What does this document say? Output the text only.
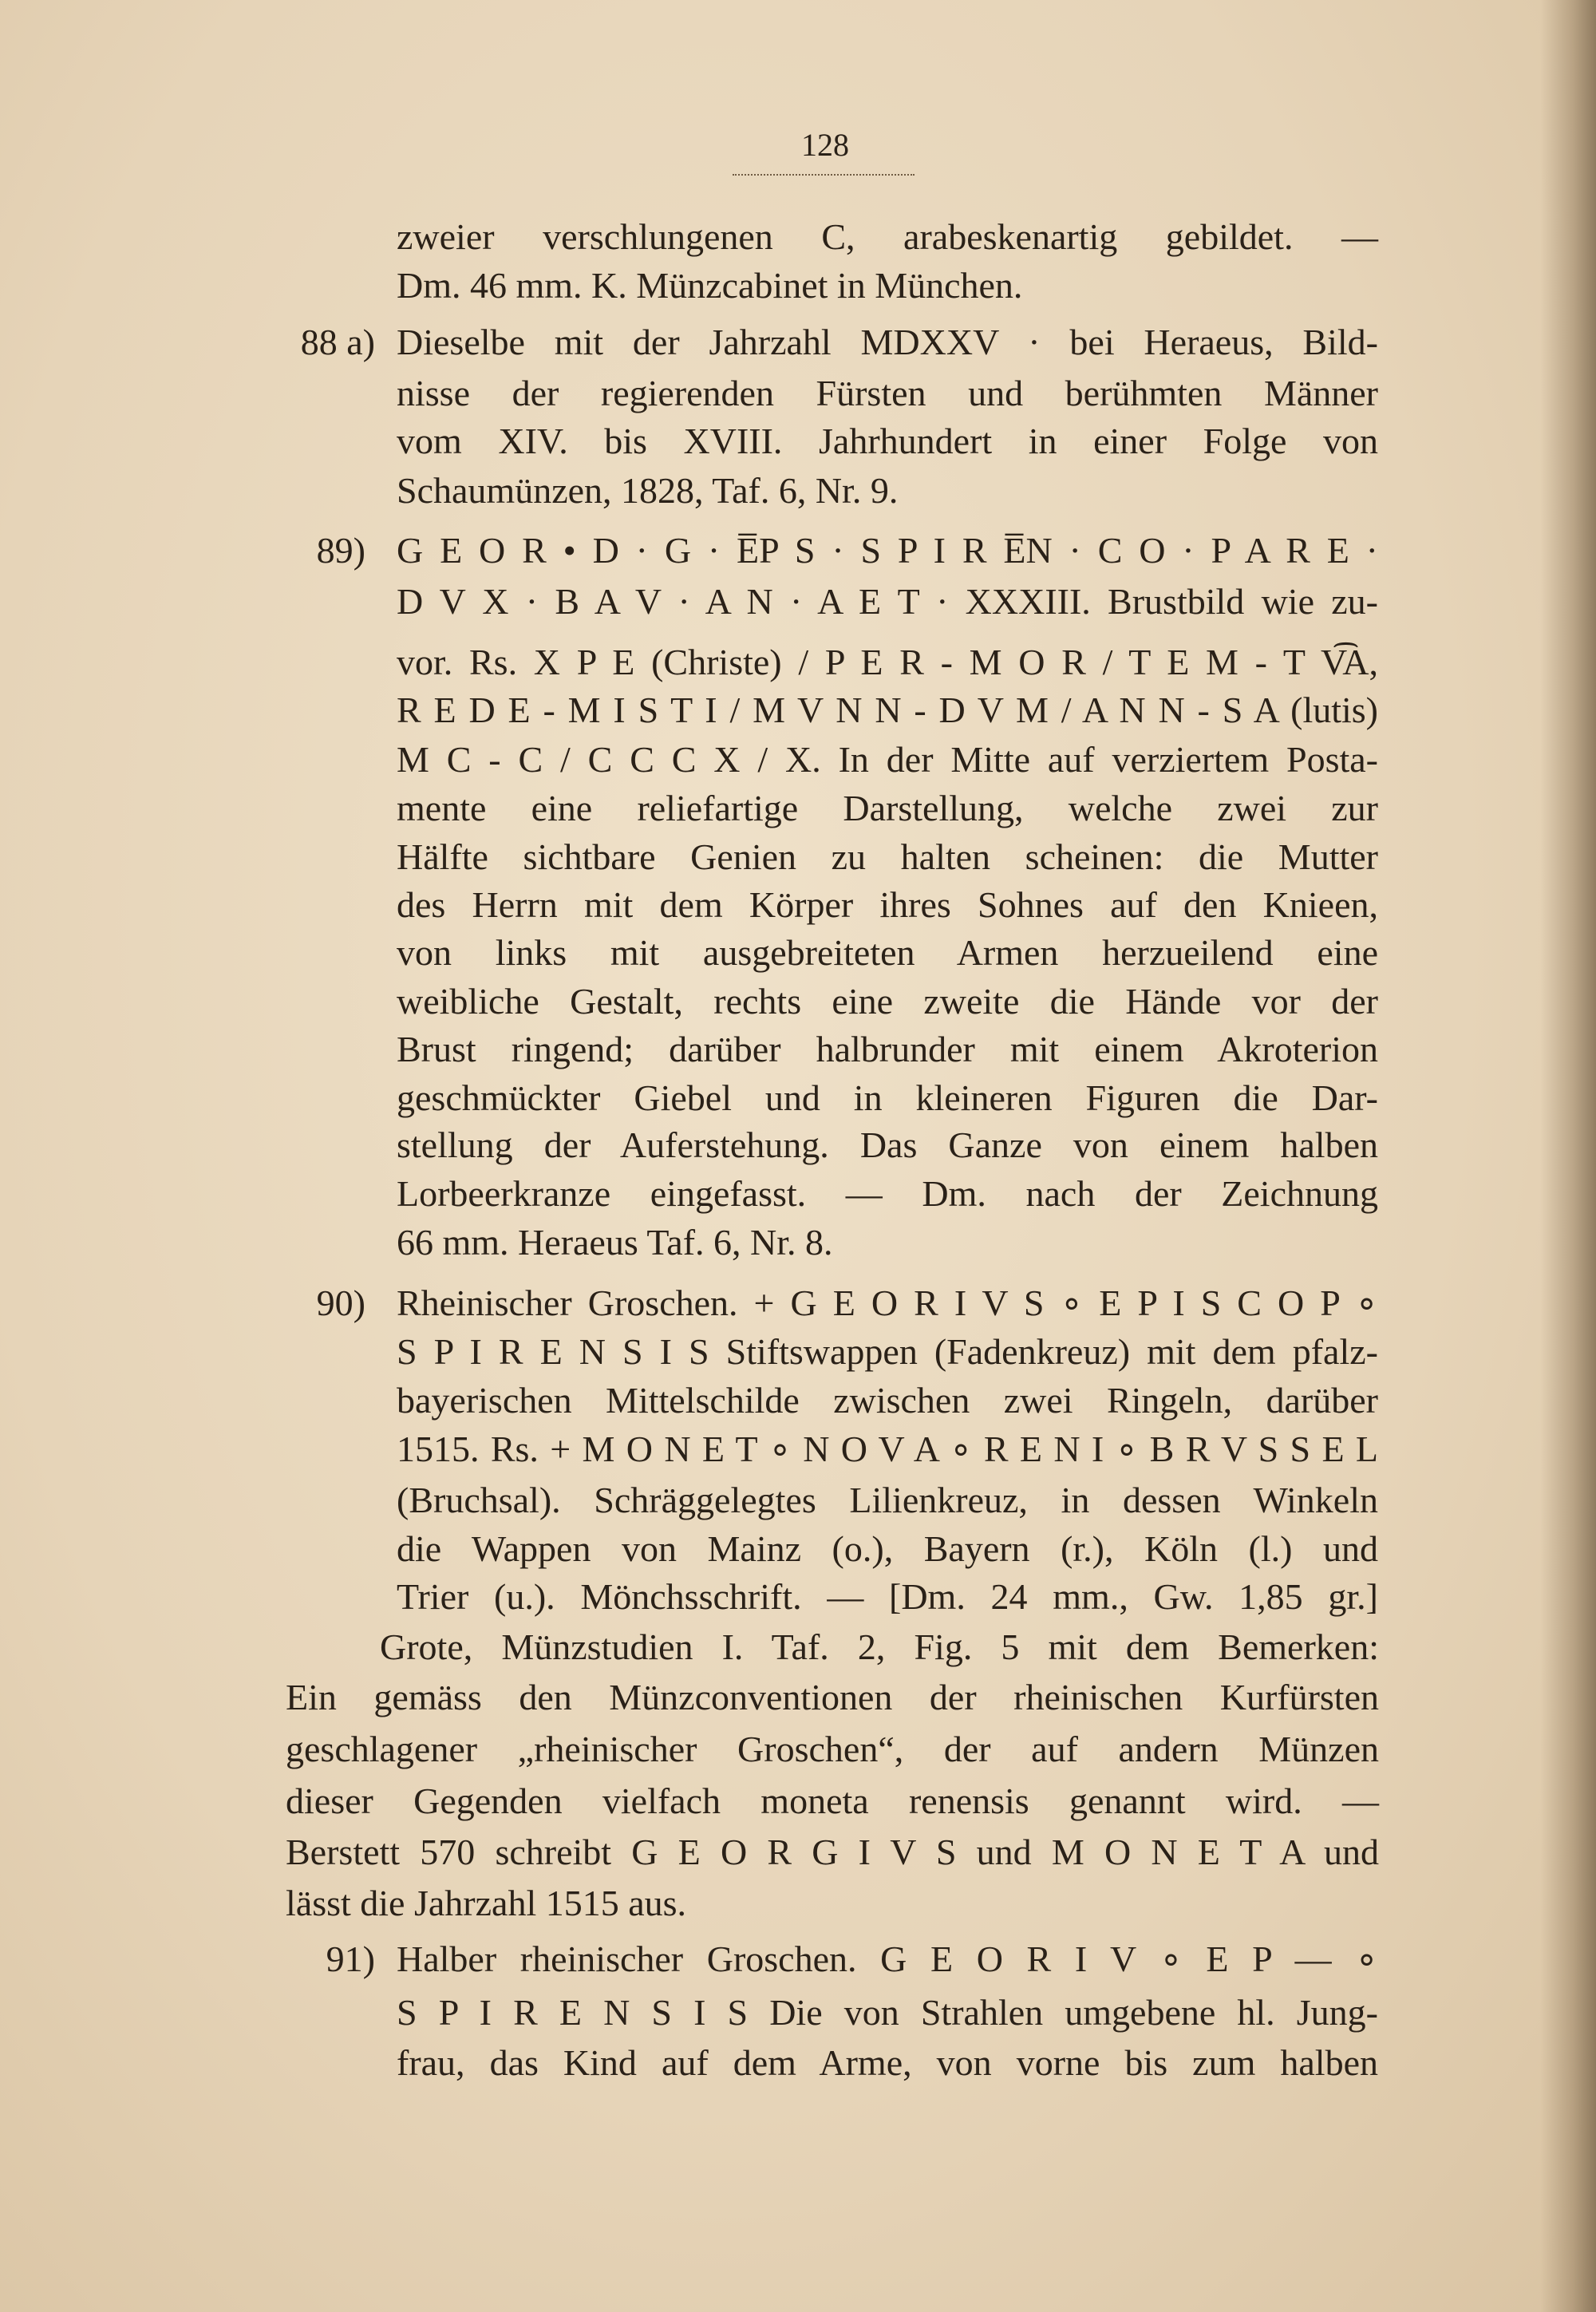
128
zweier verschlungenen C, arabeskenartig gebildet. —
Dm. 46 mm. K. Münzcabinet in München.
88 a) Dieselbe mit der Jahrzahl MDXXV · bei Heraeus, Bild-
nisse der regierenden Fürsten und berühmten Männer
vom XIV. bis XVIII. Jahrhundert in einer Folge von
Schaumünzen, 1828, Taf. 6, Nr. 9.
89) G E O R • D · G · E̅P S · S P I R E̅N · C O · P A R E ·
D V X · B A V · A N · A E T · XXXIII. Brustbild wie zu-
vor. Rs. X P E (Christe) / P E R - M O R / T E M - T V͡A,
R E D E - M I S T I / M V N N - D V M / A N N - S A (lutis)
M C - C / C C C X / X. In der Mitte auf verziertem Posta-
mente eine reliefartige Darstellung, welche zwei zur
Hälfte sichtbare Genien zu halten scheinen: die Mutter
des Herrn mit dem Körper ihres Sohnes auf den Knieen,
von links mit ausgebreiteten Armen herzueilend eine
weibliche Gestalt, rechts eine zweite die Hände vor der
Brust ringend; darüber halbrunder mit einem Akroterion
geschmückter Giebel und in kleineren Figuren die Dar-
stellung der Auferstehung. Das Ganze von einem halben
Lorbeerkranze eingefasst. — Dm. nach der Zeichnung
66 mm. Heraeus Taf. 6, Nr. 8.
90) Rheinischer Groschen. + G E O R I V S ∘ E P I S C O P ∘
S P I R E N S I S Stiftswappen (Fadenkreuz) mit dem pfalz-
bayerischen Mittelschilde zwischen zwei Ringeln, darüber
1515. Rs. + M O N E T ∘ N O V A ∘ R E N I ∘ B R V S S E L
(Bruchsal). Schräggelegtes Lilienkreuz, in dessen Winkeln
die Wappen von Mainz (o.), Bayern (r.), Köln (l.) und
Trier (u.). Mönchsschrift. — [Dm. 24 mm., Gw. 1,85 gr.]
Grote, Münzstudien I. Taf. 2, Fig. 5 mit dem Bemerken:
Ein gemäss den Münzconventionen der rheinischen Kurfürsten
geschlagener „rheinischer Groschen“, der auf andern Münzen
dieser Gegenden vielfach moneta renensis genannt wird. —
Berstett 570 schreibt G E O R G I V S und M O N E T A und
lässt die Jahrzahl 1515 aus.
91) Halber rheinischer Groschen. G E O R I V ∘ E P — ∘
S P I R E N S I S Die von Strahlen umgebene hl. Jung-
frau, das Kind auf dem Arme, von vorne bis zum halben
